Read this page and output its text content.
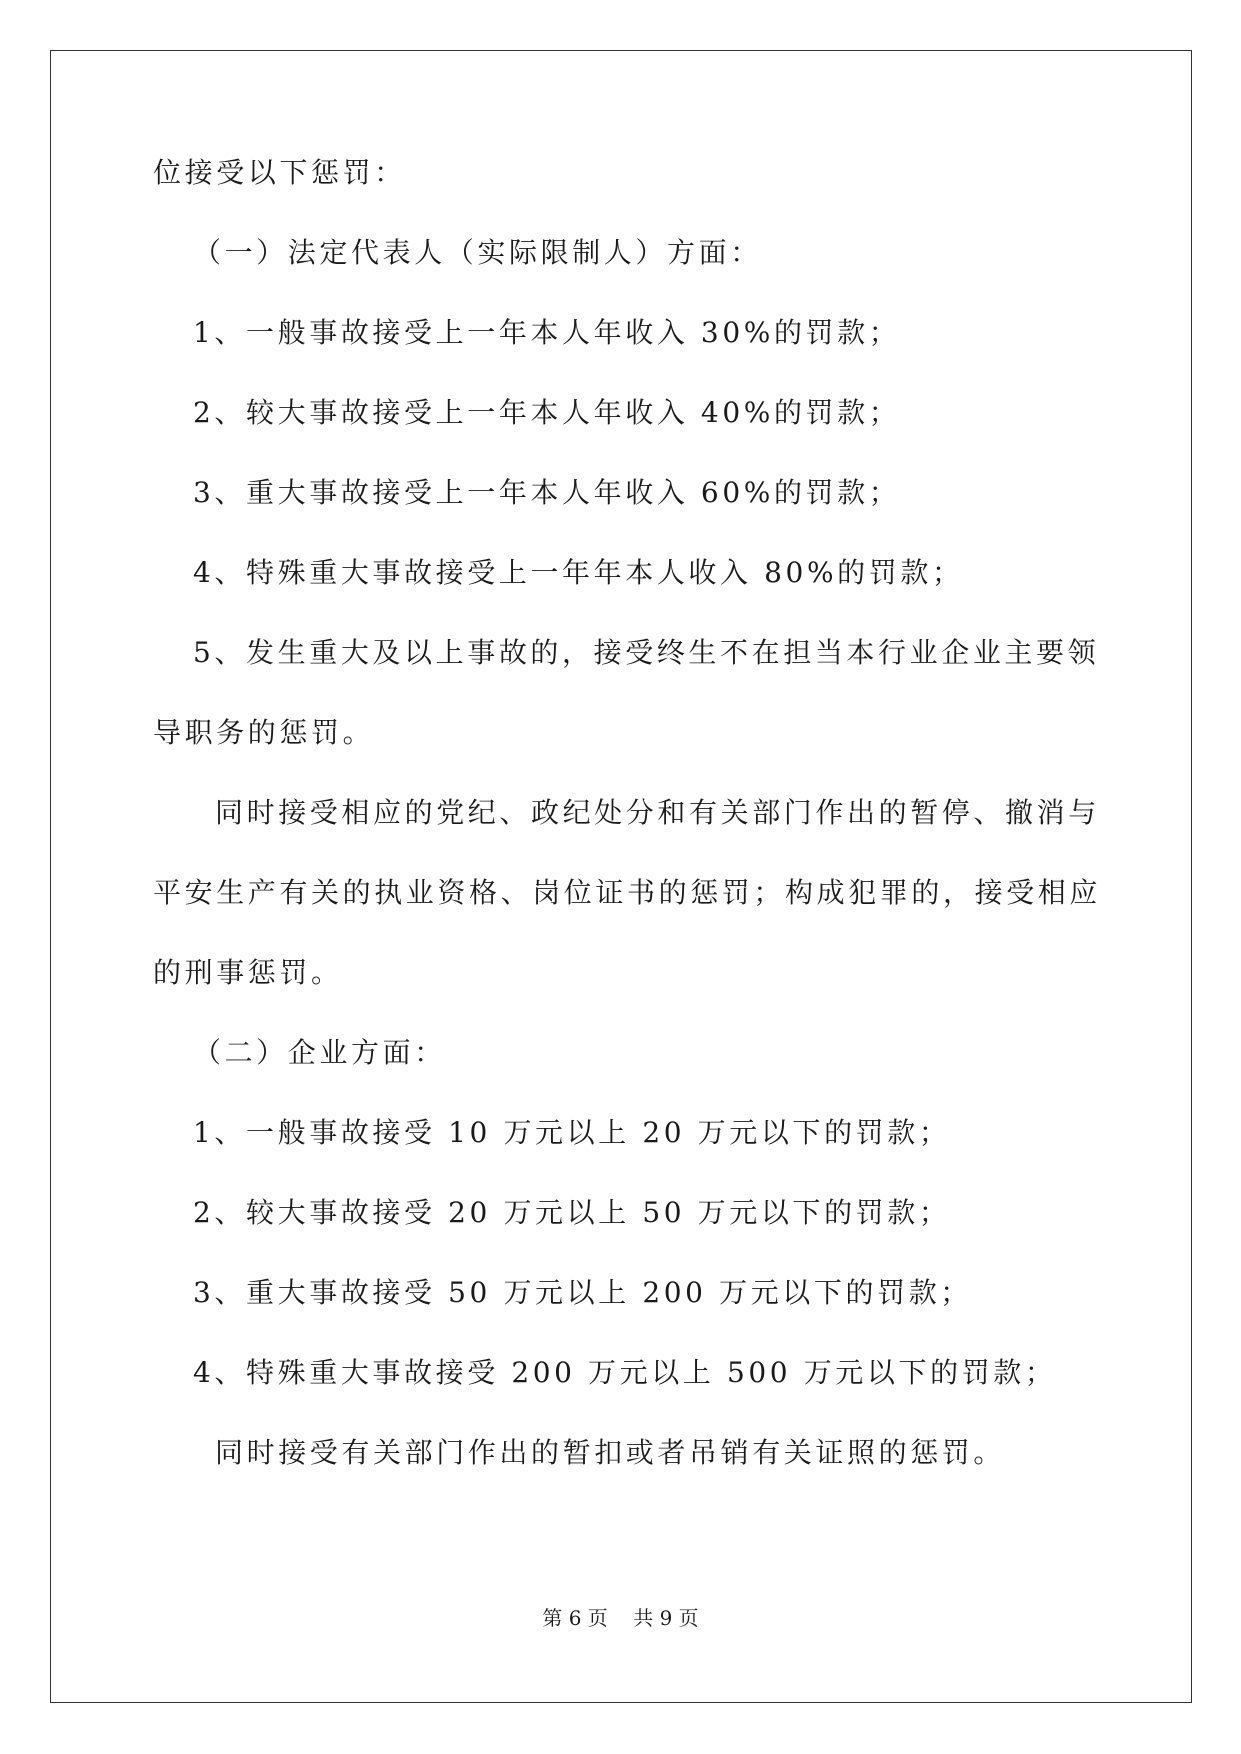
位接受以下惩罚：
（一）法定代表人（实际限制人）方面：
1、一般事故接受上一年本人年收入 30%的罚款；
2、较大事故接受上一年本人年收入 40%的罚款；
3、重大事故接受上一年本人年收入 60%的罚款；
4、特殊重大事故接受上一年年本人收入 80%的罚款；
5、发生重大及以上事故的，接受终生不在担当本行业企业主要领
导职务的惩罚。
同时接受相应的党纪、政纪处分和有关部门作出的暂停、撤消与
平安生产有关的执业资格、岗位证书的惩罚；构成犯罪的，接受相应
的刑事惩罚。
（二）企业方面：
1、一般事故接受 10 万元以上 20 万元以下的罚款；
2、较大事故接受 20 万元以上 50 万元以下的罚款；
3、重大事故接受 50 万元以上 200 万元以下的罚款；
4、特殊重大事故接受 200 万元以上 500 万元以下的罚款；
同时接受有关部门作出的暂扣或者吊销有关证照的惩罚。
第 6 页    共 9 页
